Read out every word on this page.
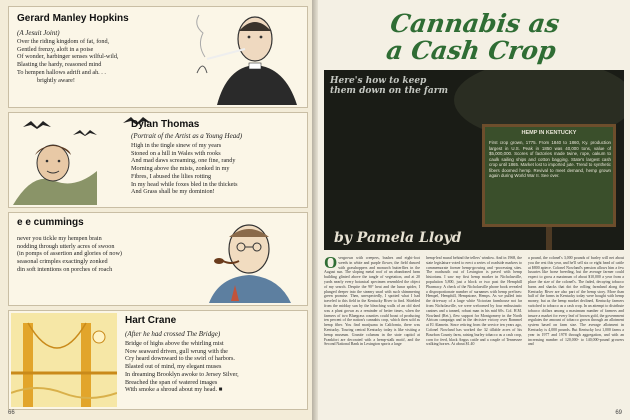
Gerard Manley Hopkins
(A Jesuit Joint)
Over the riding kingdom of fat, fond,
Gentled frenzy, aloft in a poise
Of wonder, harbinger senses wilful-wild,
Blasting the hardy, reasoned mind
To hempen hallows adrift and ah. . .
brightly aware!
Dylan Thomas
(Portrait of the Artist as a Young Head)
High in the tingle sinew of my years
Stoned on a hill in Wales with rooks
And mad daws screaming, one fine, randy
Morning above the mists, zonked in my
Fibres, I abused the lilies rotting
In my head while foxes bled in the thickets
And Grass shall be my dominion!
e e cummings
never you tickle my hempen brain
nodding through utterly acres of swoon
(in pomps of assertion and glories of now)
seasonal crimples exactingly zonked
din soft intentions on porches of roach
Hart Crane
(After he had crossed The Bridge)
Bridge of highs above the whirling mist
Now seaward driven, gull wrung with the
Cry heard downward to the swirl of harbors.
Blasted out of mind, my elegant muses
In dreaming Brooklyn awoke to Jersey Silver,
Breached the span of watered images
With smoke a shroud about my head. ■
66
Cannabis as
a Cash Crop
Here's how to keep them down on the farm
HEMP IN KENTUCKY
First crop grown, 1775. From 1840 to 1860, Ky. production largest in U.S. Peak in 1850 was 40,000 tons, value of $5,000,000. Scores of factories made twine, rope, oakum to caulk sailing ships and cotton bagging. State's largest cash crop until 1865. Market lost to imported jute. Trend to synthetic fibers doomed hemp. Revival to meet demand, hemp grown again during World War II. See over.
by Pamela Lloyd
Overgrown with creepers, bushes and eight-foot weeds in white and purple flower, the field danced with grasshoppers and monarch butterflies in the August sun. The sloping metal roof of an abandoned farm building glinted above the tangle of vegetation, and at 20 yards nearly every botanical specimen resembled the object of my search. Despite the 90° heat and the lunar spider, I plunged deeper into the steamy snarl with such shimmering green promise. Then, unexpectedly, I spotted what I had traveled to this field in the Kentucky River to find. Shielded from the midday sun by the bleaching walls of an old shed was a plant grown as a reminder of better times, when the farmers of two Bluegrass counties could boast of producing ten percent of the nation's cannabis crop, which then sold as hemp fiber. You find marijuana in California, there was Kentucky. Touring central Kentucky today is like visiting a hemp museum. Granite columns in the state capitol at Frankfort are decorated with a hemp-stalk motif, and the Second National Bank in Lexington sports a large
hemp-leaf mural behind the tellers' window. And in 1968, the state legislature voted to erect a series of roadside markers to commemorate former hemp-growing and -processing sites. The roadsouth out of Lexington is paved with hemp historians. I saw my first hemp marker in Nicholasville, population 5,800, just a block or two past the Hemphill Pharmacy. A check of the Nicholasville phone book revealed a disproportionate number of surnames with hemp prefixes: Hempel, Hemphill, Hempstone, Hemps. As we pulled into the driveway of a large white Victorian farmhouse not far from Nicholasville, we were welcomed by four enthusiastic canines and a tanned, robust man in his mid 60s. Col. H.M. Nowland (Ret.), flew support for Montgomery in the North African campaign and in the decisive victory over Rommel at El Alamein. Since retiring from the service ten years ago, Colonel Nowland has worked the 32 tillable acres of his Bourbon County farm, raising burley tobacco as a cash crop, corn for feed, black Angus cattle and a couple of Tennessee walking horses. At about $1.40
a pound, the colonel's 3,000 pounds of burley will net about you the rest this year, and he'll sell six or eight head of cattle at $800 apiece. Colonel Nowland's pension allows him a few luxuries like horse breeding, but the average farmer could expect to gross a maximum of about $10,000 a year from a place the size of the colonel's. The faded, decaying tobacco barns and shacks that dot the rolling farmland along the Kentucky River are also part of the hemp story. More than half of the farms in Kentucky today were bought with hemp money, but as the hemp market declined, Kentucky farmers switched to tobacco as a cash crop. In an attempt to distribute tobacco dollars among a maximum number of farmers and insure a market for every leaf of brown gold, the government regulates the amount of tobacco grown through an allotment system based on farm size. The average allotment in Kentucky is 4,000 pounds. But Kentucky lost 1,000 farms a year in 1977 and 1978 through aggregation, and with an increasing number of 120,000- to 140,000-pound growers and
69
